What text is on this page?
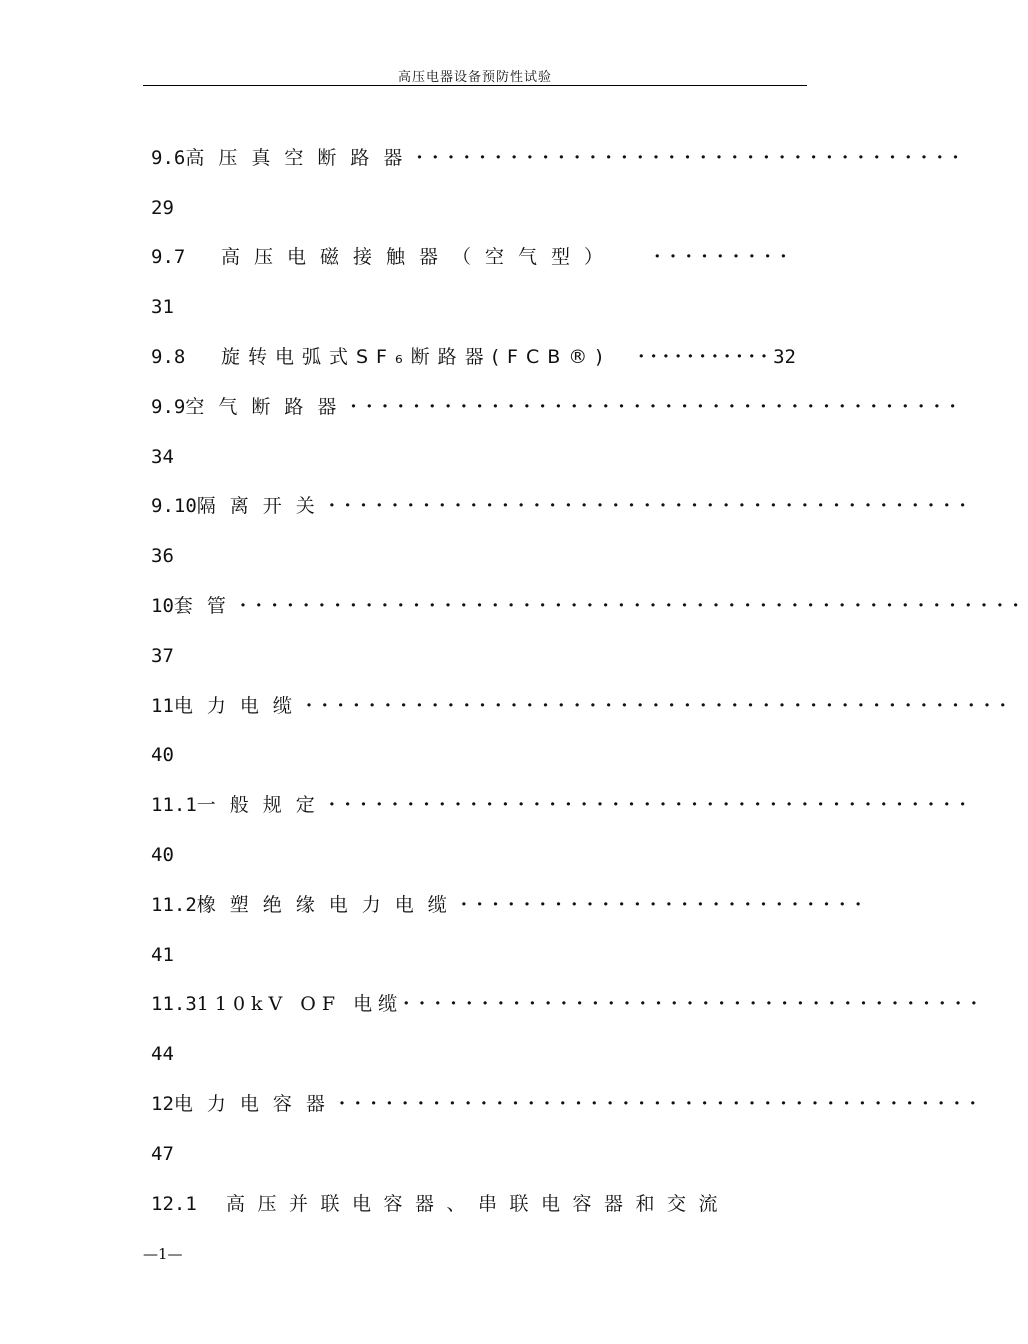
高压电器设备预防性试验
9.6 高压真空断路器 ···································
29
9.7	高压电磁接触器（空气型）	·········
31
9.8	旋转电弧式SF₆断路器(FCB®)	··········· 32
9.9 空气断路器 ·······································
34
9.10 隔离开关 ·········································
36
10 套管 ··················································
37
11 电力电缆 ·············································
40
11.1 一般规定 ·········································
40
11.2 橡塑绝缘电力电缆 ··························
41
11.3 110kV OF 电缆 ·····································
44
12 电力电容器 ·········································
47
12.1	高压并联电容器、串联电容器和交流
—1—
